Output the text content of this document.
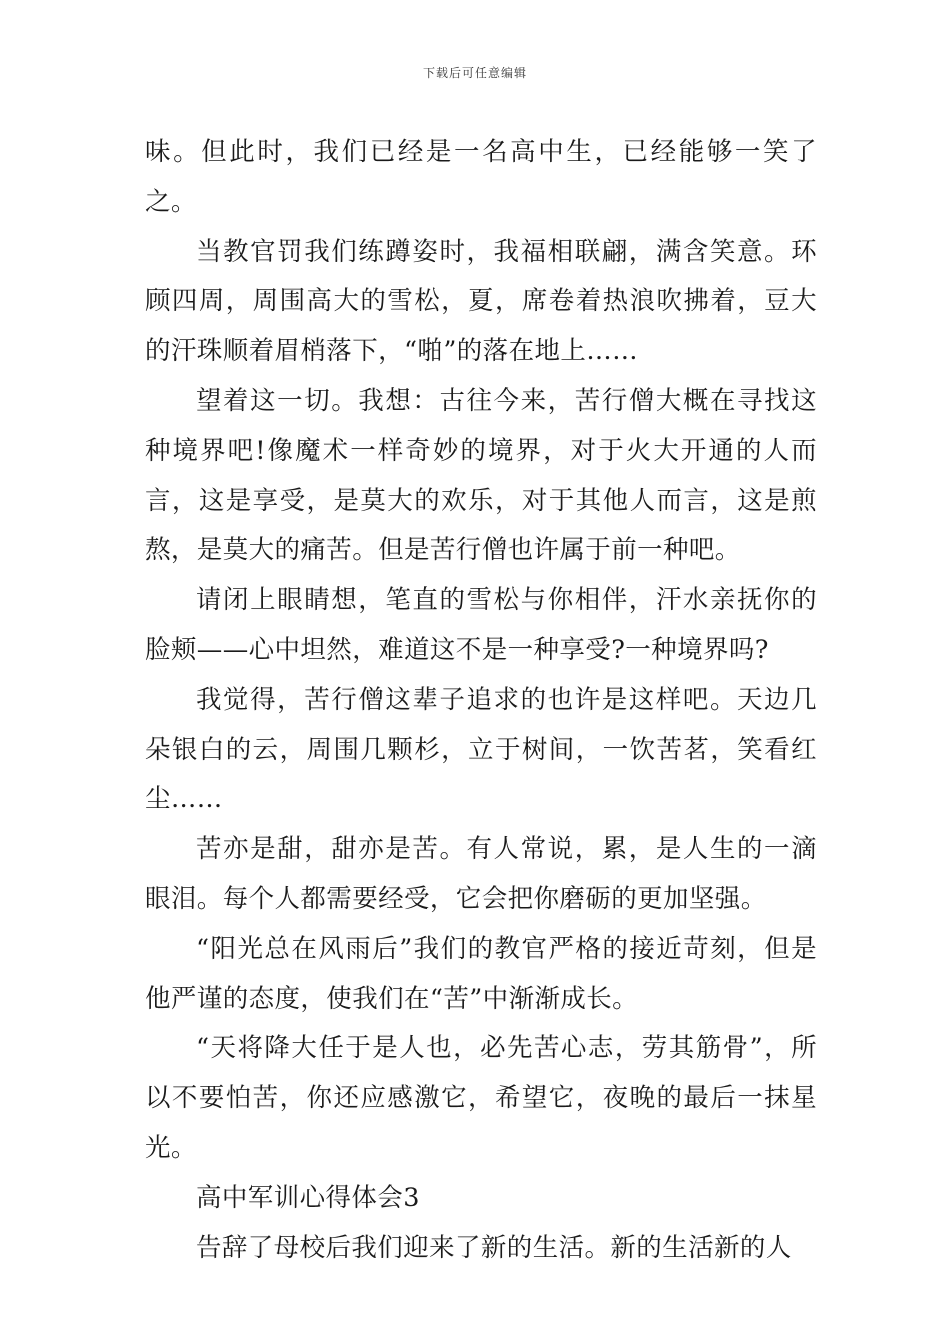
下载后可任意编辑

味。但此时，我们已经是一名高中生，已经能够一笑了之。

当教官罚我们练蹲姿时，我福相联翩，满含笑意。环顾四周，周围高大的雪松，夏，席卷着热浪吹拂着，豆大的汗珠顺着眉梢落下，“啪”的落在地上……

望着这一切。我想：古往今来，苦行僧大概在寻找这种境界吧!像魔术一样奇妙的境界，对于火大开通的人而言，这是享受，是莫大的欢乐，对于其他人而言，这是煎熬，是莫大的痛苦。但是苦行僧也许属于前一种吧。

请闭上眼睛想，笔直的雪松与你相伴，汗水亲抚你的脸颊——心中坦然，难道这不是一种享受?一种境界吗?

我觉得，苦行僧这辈子追求的也许是这样吧。天边几朵银白的云，周围几颗杉，立于树间，一饮苦茗，笑看红尘……

苦亦是甜，甜亦是苦。有人常说，累，是人生的一滴眼泪。每个人都需要经受，它会把你磨砺的更加坚强。

“阳光总在风雨后”我们的教官严格的接近苛刻，但是他严谨的态度，使我们在“苦”中渐渐成长。

“天将降大任于是人也，必先苦心志，劳其筋骨”，所以不要怕苦，你还应感激它，希望它，夜晚的最后一抹星光。

高中军训心得体会3

告辞了母校后我们迎来了新的生活。新的生活新的人
